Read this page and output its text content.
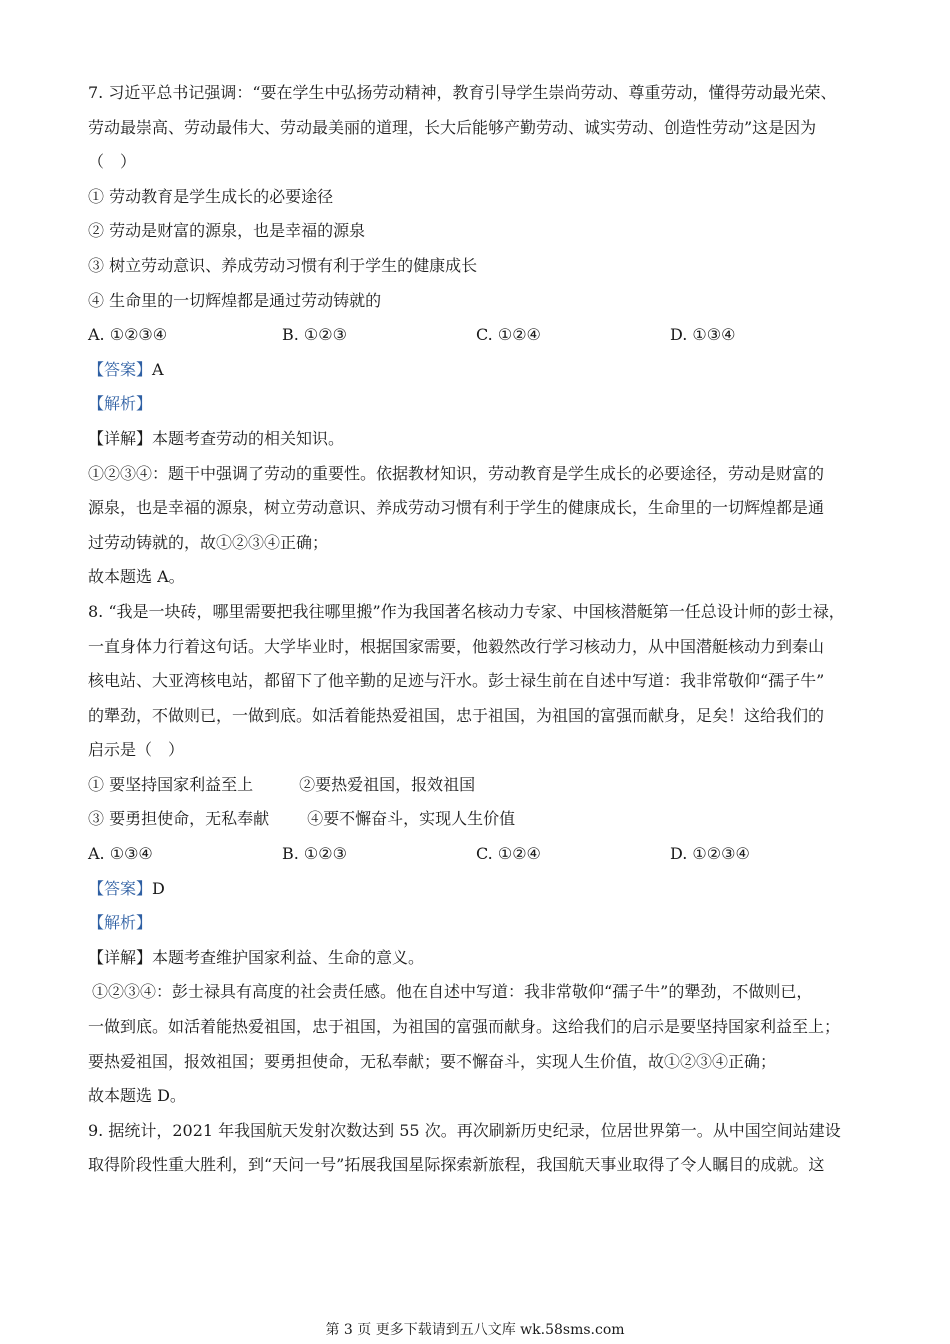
7. 习近平总书记强调：“要在学生中弘扬劳动精神，教育引导学生崇尚劳动、尊重劳动，懂得劳动最光荣、
劳动最崇高、劳动最伟大、劳动最美丽的道理，长大后能够产勤劳动、诚实劳动、创造性劳动”这是因为
（　）
① 劳动教育是学生成长的必要途径
② 劳动是财富的源泉，也是幸福的源泉
③ 树立劳动意识、养成劳动习惯有利于学生的健康成长
④ 生命里的一切辉煌都是通过劳动铸就的
A. ①②③④	B. ①②③	C. ①②④	D. ①③④
【答案】A
【解析】
【详解】本题考查劳动的相关知识。
①②③④：题干中强调了劳动的重要性。依据教材知识，劳动教育是学生成长的必要途径，劳动是财富的
源泉，也是幸福的源泉，树立劳动意识、养成劳动习惯有利于学生的健康成长，生命里的一切辉煌都是通
过劳动铸就的，故①②③④正确；
故本题选 A。
8. “我是一块砖，哪里需要把我往哪里搬”作为我国著名核动力专家、中国核潜艇第一任总设计师的彭士禄，
一直身体力行着这句话。大学毕业时，根据国家需要，他毅然改行学习核动力，从中国潜艇核动力到秦山
核电站、大亚湾核电站，都留下了他辛勤的足迹与汗水。彭士禄生前在自述中写道：我非常敬仰“孺子牛”
的犟劲，不做则已，一做到底。如活着能热爱祖国，忠于祖国，为祖国的富强而献身，足矣！这给我们的
启示是（　）
① 要坚持国家利益至上	②要热爱祖国，报效祖国
③ 要勇担使命，无私奉献 ④要不懈奋斗，实现人生价值
A. ①③④	B. ①②③	C. ①②④	D. ①②③④
【答案】D
【解析】
【详解】本题考查维护国家利益、生命的意义。
①②③④：彭士禄具有高度的社会责任感。他在自述中写道：我非常敬仰“孺子牛”的犟劲，不做则已，
一做到底。如活着能热爱祖国，忠于祖国，为祖国的富强而献身。这给我们的启示是要坚持国家利益至上；
要热爱祖国，报效祖国；要勇担使命，无私奉献；要不懈奋斗，实现人生价值，故①②③④正确；
故本题选 D。
9. 据统计，2021 年我国航天发射次数达到 55 次。再次刷新历史纪录，位居世界第一。从中国空间站建设
取得阶段性重大胜利，到“天问一号”拓展我国星际探索新旅程，我国航天事业取得了令人瞩目的成就。这
第 3 页 更多下载请到五八文库 wk.58sms.com
